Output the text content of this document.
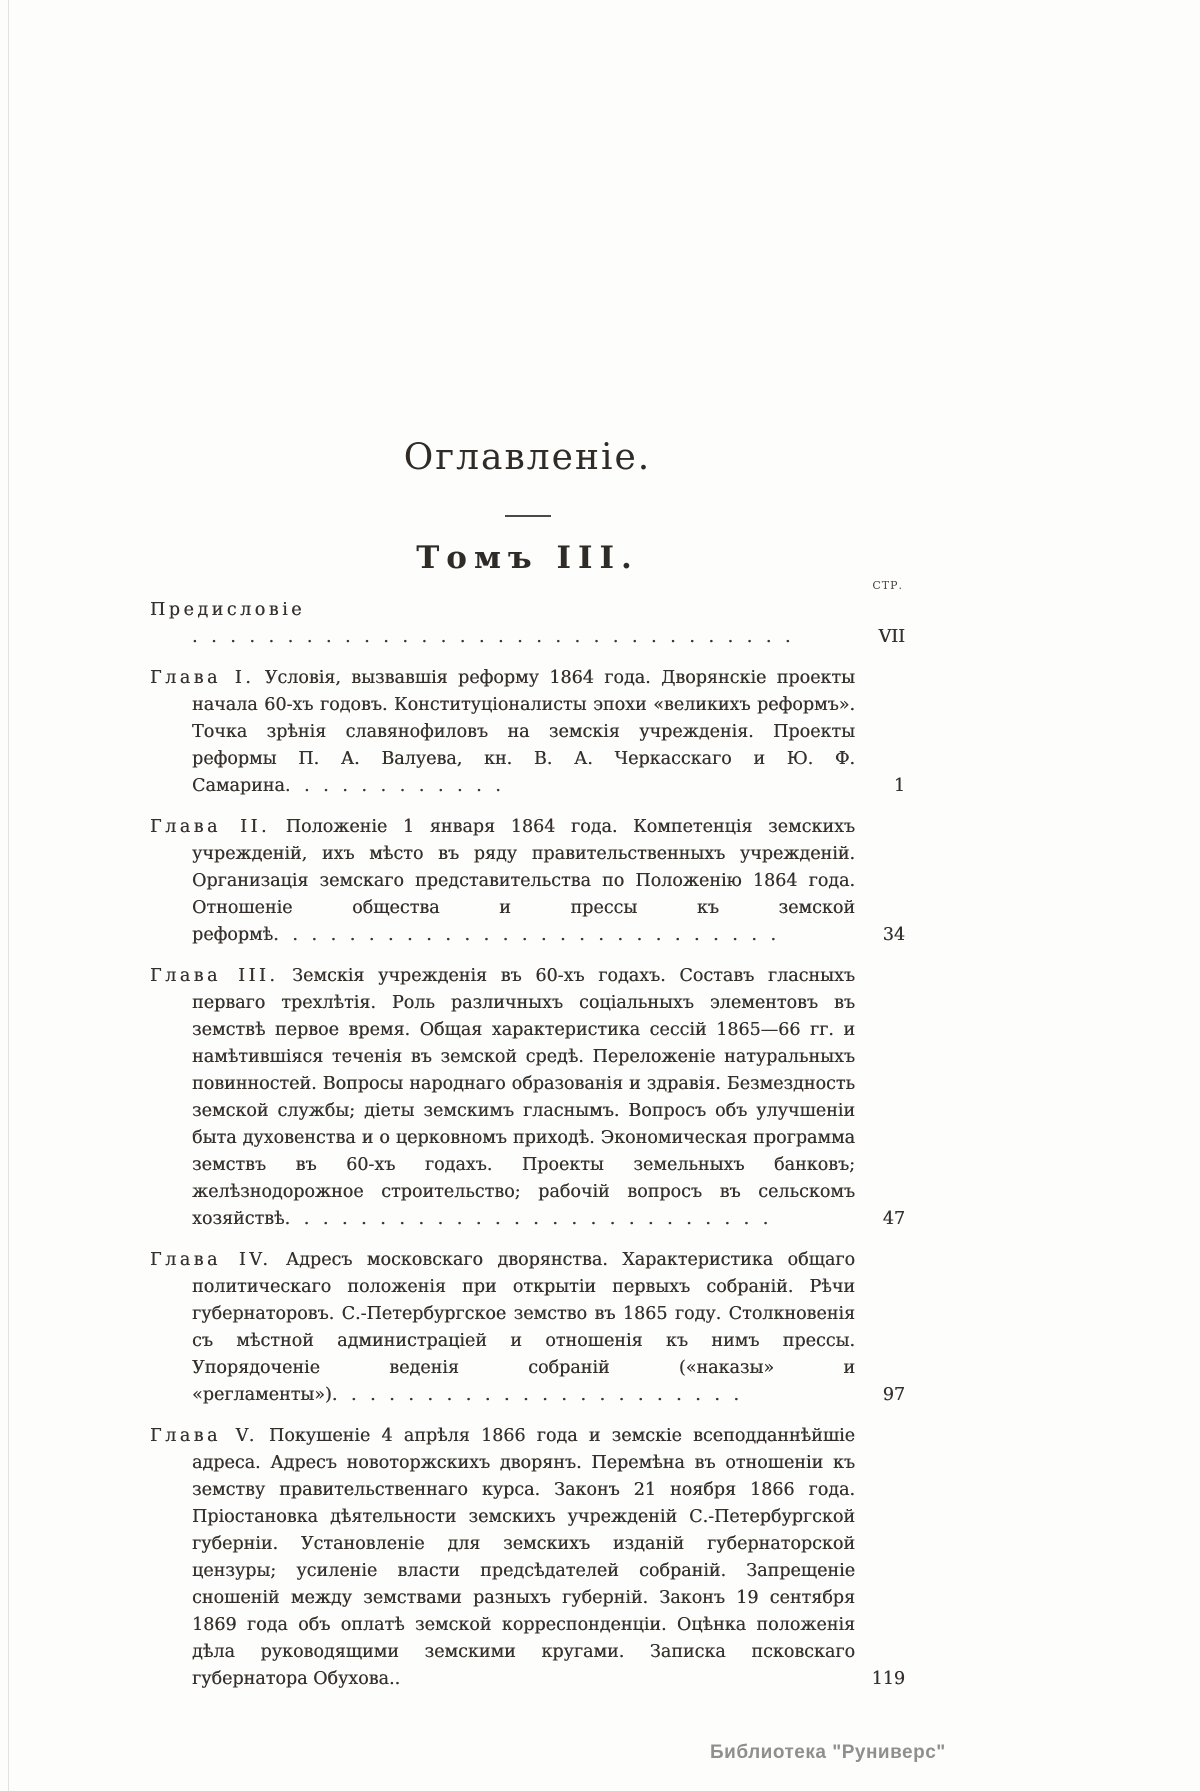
Оглавленіе.
Томъ III.
СТР.

Предисловіе . . . . . . . . . . . . . . . . . . . . . . . . . . . . . . . .	VII

Глава I. Условія, вызвавшія реформу 1864 года. Дворянскіе проекты начала 60-хъ годовъ. Конституціоналисты эпохи «великихъ реформъ». Точка зрѣнія славянофиловъ на земскія учрежденія. Проекты реформы П. А. Валуева, кн. В. А. Черкасскаго и Ю. Ф. Самарина. . . . . . . . . . . .	1

Глава II. Положеніе 1 января 1864 года. Компетенція земскихъ учрежденій, ихъ мѣсто въ ряду правительственныхъ учрежденій. Организація земскаго представительства по Положенію 1864 года. Отношеніе общества и прессы къ земской реформѣ. . . . . . . . . . . . . . . . . . . . . . . . . . .	34

Глава III. Земскія учрежденія въ 60-хъ годахъ. Составъ гласныхъ перваго трехлѣтія. Роль различныхъ соціальныхъ элементовъ въ земствѣ первое время. Общая характеристика сессій 1865—66 гг. и намѣтившіяся теченія въ земской средѣ. Переложеніе натуральныхъ повинностей. Вопросы народнаго образованія и здравія. Безмездность земской службы; діеты земскимъ гласнымъ. Вопросъ объ улучшеніи быта духовенства и о церковномъ приходѣ. Экономическая программа земствъ въ 60-хъ годахъ. Проекты земельныхъ банковъ; желѣзнодорожное строительство; рабочій вопросъ въ сельскомъ хозяйствѣ. . . . . . . . . . . . . . . . . . . . . . . . . .	47

Глава IV. Адресъ московскаго дворянства. Характеристика общаго политическаго положенія при открытіи первыхъ собраній. Рѣчи губернаторовъ. С.-Петербургское земство въ 1865 году. Столкновенія съ мѣстной администраціей и отношенія къ нимъ прессы. Упорядоченіе веденія собраній («наказы» и «регламенты»). . . . . . . . . . . . . . . . . . . . . .	97

Глава V. Покушеніе 4 апрѣля 1866 года и земскіе всеподданнѣйшіе адреса. Адресъ новоторжскихъ дворянъ. Перемѣна въ отношеніи къ земству правительственнаго курса. Законъ 21 ноября 1866 года. Пріостановка дѣятельности земскихъ учрежденій С.-Петербургской губерніи. Установленіе для земскихъ изданій губернаторской цензуры; усиленіе власти предсѣдателей собраній. Запрещеніе сношеній между земствами разныхъ губерній. Законъ 19 сентября 1869 года объ оплатѣ земской корреспонденціи. Оцѣнка положенія дѣла руководящими земскими кругами. Записка псковскаго губернатора Обухова..	119
Библиотека "Руниверс"
